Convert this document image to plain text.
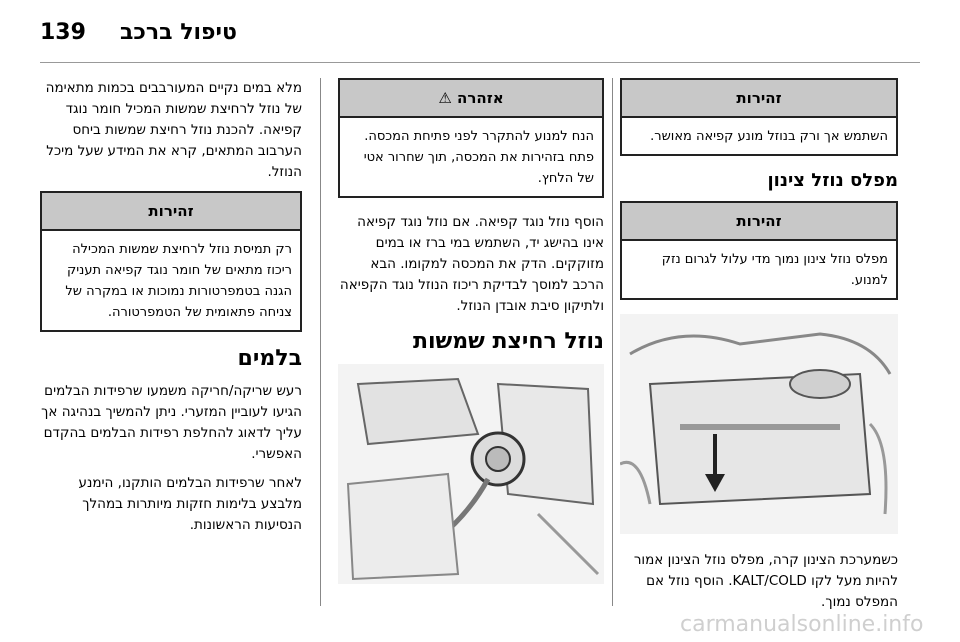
139 טיפול ברכב
זהירות
השתמש אך ורק בנוזל מונע קפיאה מאושר.
מפלס נוזל צינון
זהירות
מפלס נוזל צינון נמוך מדי עלול לגרום נזק למנוע.
כשמערכת הצינון קרה, מפלס נוזל הצינון אמור להיות מעל לקו KALT/COLD. הוסף נוזל אם המפלס נמוך.
אזהרה ⚠
הנח למנוע להתקרר לפני פתיחת המכסה. פתח בזהירות את המכסה, תוך שחרור אטי של הלחץ.
הוסף נוזל נוגד קפיאה. אם נוזל נוגד קפיאה אינו בהישג יד, השתמש במי ברז או במים מזוקקים. הדק את המכסה למקומו. הבא הרכב למוסך לבדיקת ריכוז הנוזל נוגד הקפיאה ולתיקון סיבת אובדן הנוזל.
נוזל רחיצת שמשות
מלא במים נקיים המעורבבים בכמות מתאימה של נוזל לרחיצת שמשות המכיל חומר נוגד קפיאה. להכנת נוזל רחיצת שמשות ביחס הערבוב המתאים, קרא את המידע שעל מיכל הנוזל.
זהירות
רק תמיסת נוזל לרחיצת שמשות המכילה ריכוז מתאים של חומר נוגד קפיאה תעניק הגנה בטמפרטורות נמוכות או במקרה של צניחה פתאומית של הטמפרטורה.
בלמים
רעש שריקה/חריקה משמעו שרפידות הבלמים הגיעו לעוביין המזערי. ניתן להמשיך בנהיגה אך עליך לדאוג להחלפת רפידות הבלמים בהקדם האפשרי.
לאחר שרפידות הבלמים הותקנו, הימנע מלבצע בלימות חזקות מיותרות במהלך הנסיעות הראשונות.
carmanualsonline.info
